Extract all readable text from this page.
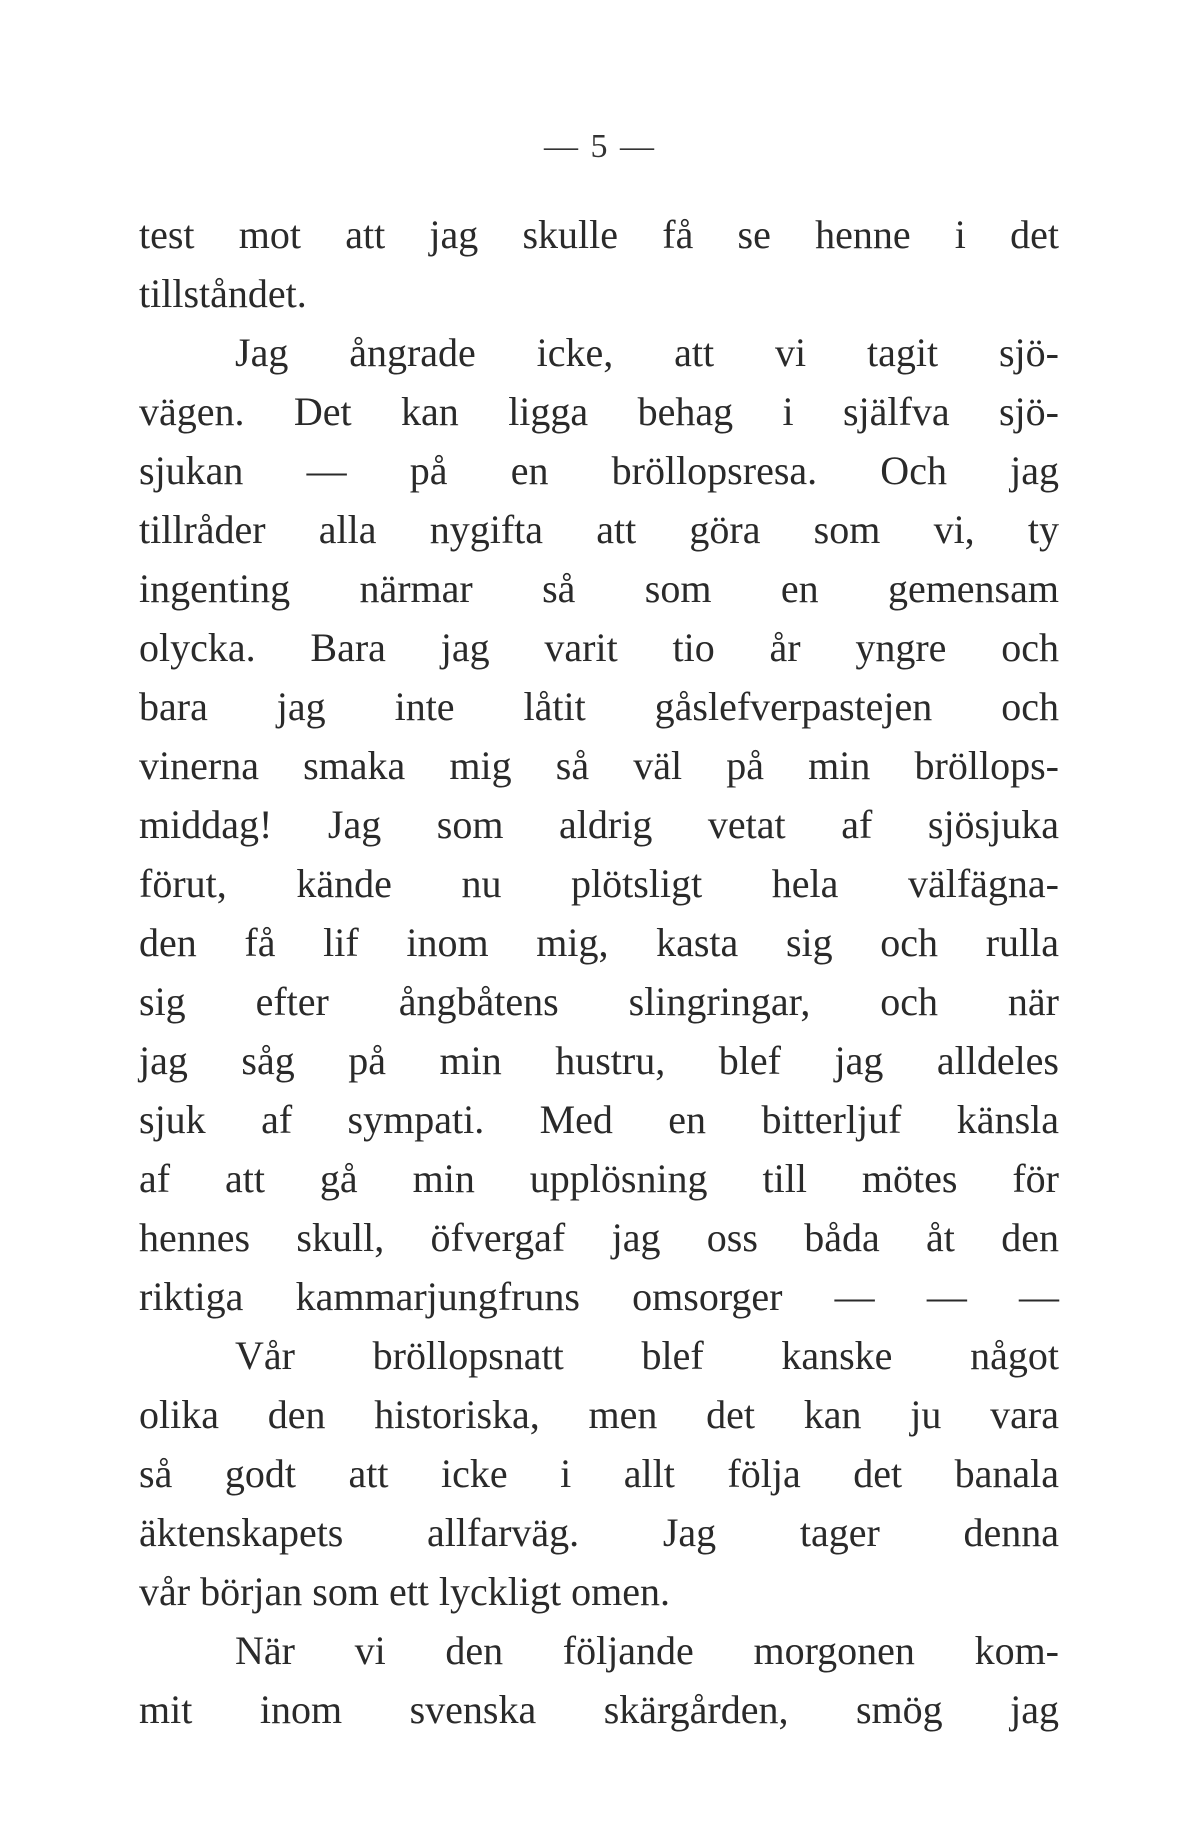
— 5 —
test mot att jag skulle få se henne i det
tillståndet.
Jag ångrade icke, att vi tagit sjö-
vägen. Det kan ligga behag i själfva sjö-
sjukan — på en bröllopsresa. Och jag
tillråder alla nygifta att göra som vi, ty
ingenting närmar så som en gemensam
olycka. Bara jag varit tio år yngre och
bara jag inte låtit gåslefverpastejen och
vinerna smaka mig så väl på min bröllops-
middag! Jag som aldrig vetat af sjösjuka
förut, kände nu plötsligt hela välfägna-
den få lif inom mig, kasta sig och rulla
sig efter ångbåtens slingringar, och när
jag såg på min hustru, blef jag alldeles
sjuk af sympati. Med en bitterljuf känsla
af att gå min upplösning till mötes för
hennes skull, öfvergaf jag oss båda åt den
riktiga kammarjungfruns omsorger — — —
Vår bröllopsnatt blef kanske något
olika den historiska, men det kan ju vara
så godt att icke i allt följa det banala
äktenskapets allfarväg. Jag tager denna
vår början som ett lyckligt omen.
När vi den följande morgonen kom-
mit inom svenska skärgården, smög jag
